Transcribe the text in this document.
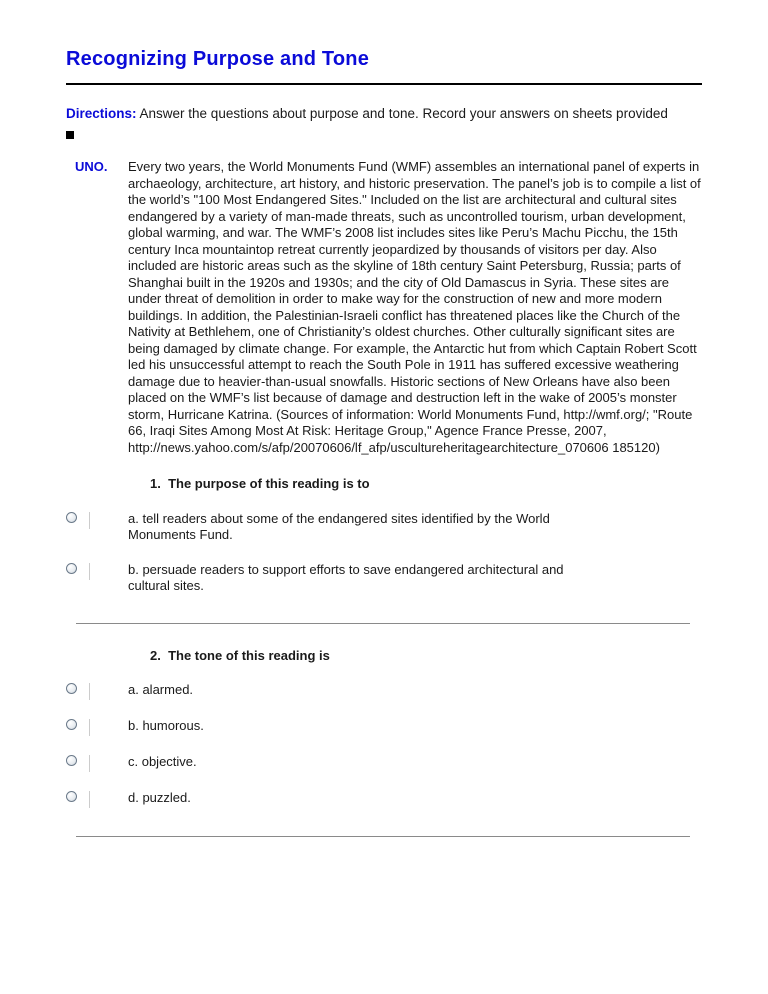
Recognizing Purpose and Tone

Directions: Answer the questions about purpose and tone. Record your answers on sheets provided

UNO.	Every two years, the World Monuments Fund (WMF) assembles an international panel of experts in archaeology, architecture, art history, and historic preservation. The panel’s job is to compile a list of the world’s "100 Most Endangered Sites." Included on the list are architectural and cultural sites endangered by a variety of man-made threats, such as uncontrolled tourism, urban development, global warming, and war. The WMF’s 2008 list includes sites like Peru’s Machu Picchu, the 15th century Inca mountaintop retreat currently jeopardized by thousands of visitors per day. Also included are historic areas such as the skyline of 18th century Saint Petersburg, Russia; parts of Shanghai built in the 1920s and 1930s; and the city of Old Damascus in Syria. These sites are under threat of demolition in order to make way for the construction of new and more modern buildings. In addition, the Palestinian-Israeli conflict has threatened places like the Church of the Nativity at Bethlehem, one of Christianity’s oldest churches. Other culturally significant sites are being damaged by climate change. For example, the Antarctic hut from which Captain Robert Scott led his unsuccessful attempt to reach the South Pole in 1911 has suffered excessive weathering damage due to heavier-than-usual snowfalls. Historic sections of New Orleans have also been placed on the WMF’s list because of damage and destruction left in the wake of 2005’s monster storm, Hurricane Katrina. (Sources of information: World Monuments Fund, http://wmf.org/; "Route 66, Iraqi Sites Among Most At Risk: Heritage Group," Agence France Presse, 2007, http://news.yahoo.com/s/afp/20070606/lf_afp/uscultureheritagearchitecture_070606 185120)
1.  The purpose of this reading is to
a. tell readers about some of the endangered sites identified by the World Monuments Fund.
b. persuade readers to support efforts to save endangered architectural and cultural sites.
2.  The tone of this reading is
a. alarmed.
b. humorous.
c. objective.
d. puzzled.
